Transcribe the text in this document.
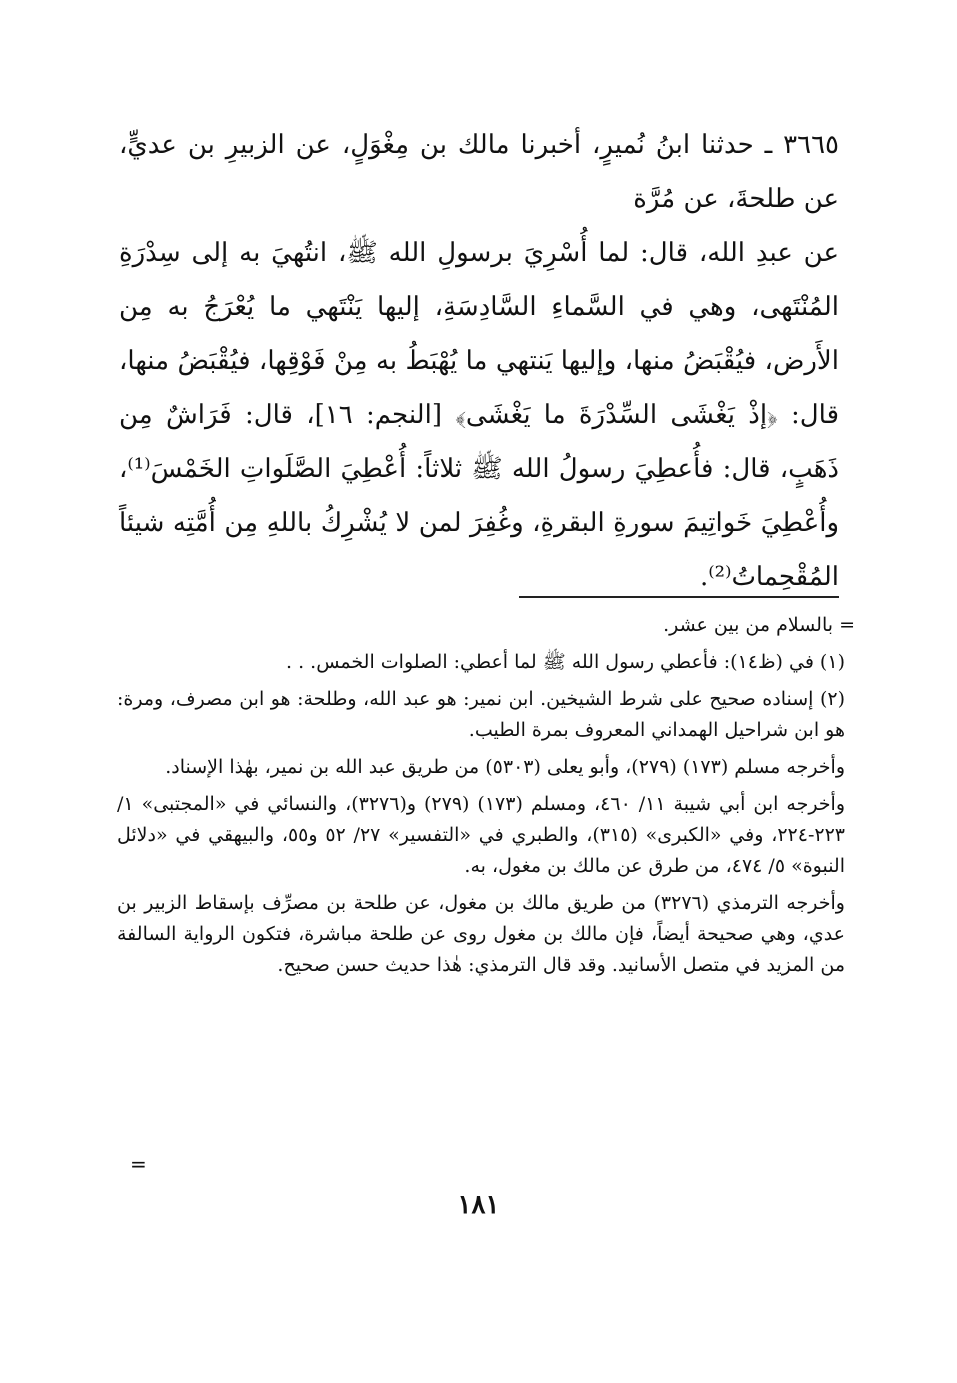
٣٦٦٥ ـ حدثنا ابنُ نُميرٍ، أخبرنا مالك بن مِغْوَلٍ، عن الزبيرِ بن عديٍّ، عن طلحةَ، عن مُرَّة

عن عبدِ الله، قال: لما أُسْرِيَ برسولِ الله ﷺ، انتُهيَ به إلى سِدْرَةِ المُنْتَهى، وهي في السَّماءِ السَّادِسَةِ، إليها يَنْتَهي ما يُعْرَجُ به مِن الأَرض، فيُقْبَضُ منها، وإليها يَنتهي ما يُهْبَطُ به مِنْ فَوْقِها، فيُقْبَضُ منها، قال: ﴿إذْ يَغْشَى السِّدْرَةَ ما يَغْشَى﴾ [النجم: ١٦]، قال: فَرَاشٌ مِن ذَهَبٍ، قال: فأُعطِيَ رسولُ الله ﷺ ثلاثاً: أُعْطِيَ الصَّلَواتِ الخَمْسَ⁽¹⁾، وأُعْطِيَ خَواتِيمَ سورةِ البقرةِ، وغُفِرَ لمن لا يُشْرِكُ باللهِ مِن أُمَّتِه شيئاً المُقْحِماتُ⁽²⁾.

= بالسلام من بين عشر.

(١) في (ظ١٤): فأعطي رسول الله ﷺ لما أعطي: الصلوات الخمس. . .

(٢) إسناده صحيح على شرط الشيخين. ابن نمير: هو عبد الله، وطلحة: هو ابن مصرف، ومرة: هو ابن شراحيل الهمداني المعروف بمرة الطيب.

وأخرجه مسلم (١٧٣) (٢٧٩)، وأبو يعلى (٥٣٠٣) من طريق عبد الله بن نمير، بهٰذا الإسناد.

وأخرجه ابن أبي شيبة ١١/ ٤٦٠، ومسلم (١٧٣) (٢٧٩) و(٣٢٧٦)، والنسائي في «المجتبى» ١/ ٢٢٣-٢٢٤، وفي «الكبرى» (٣١٥)، والطبري في «التفسير» ٢٧/ ٥٢ و٥٥، والبيهقي في «دلائل النبوة» ٥/ ٤٧٤، من طرق عن مالك بن مغول، به.

وأخرجه الترمذي (٣٢٧٦) من طريق مالك بن مغول، عن طلحة بن مصرِّف بإسقاط الزبير بن عدي، وهي صحيحة أيضاً، فإن مالك بن مغول روى عن طلحة مباشرة، فتكون الرواية السالفة من المزيد في متصل الأسانيد. وقد قال الترمذي: هٰذا حديث حسن صحيح.

=
١٨١
